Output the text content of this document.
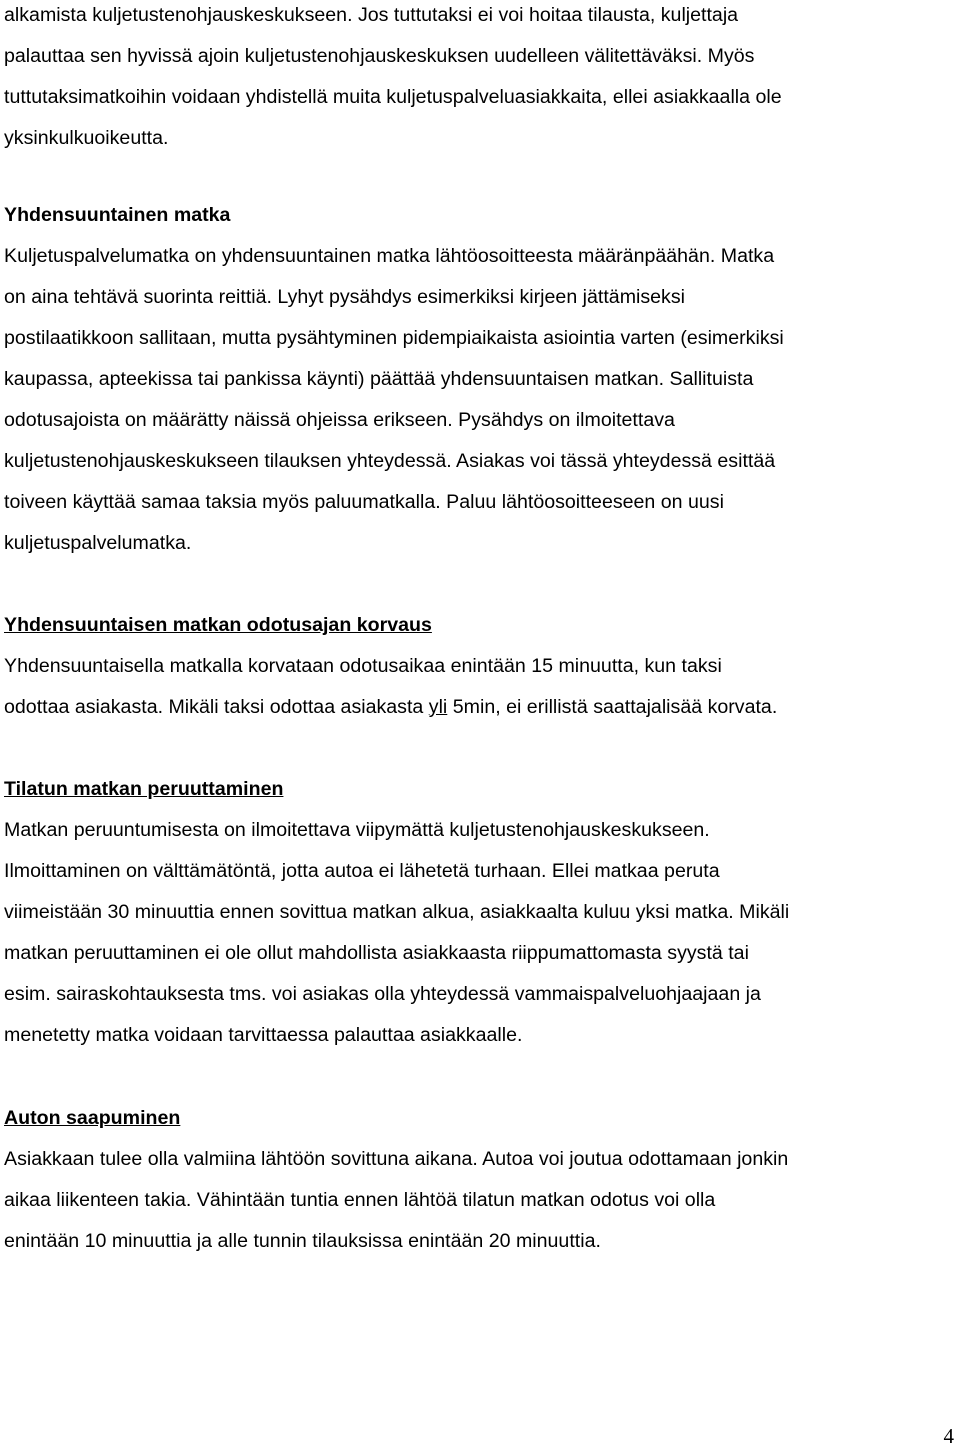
alkamista kuljetustenohjauskeskukseen. Jos tuttutaksi ei voi hoitaa tilausta, kuljettaja
palauttaa sen hyvissä ajoin kuljetustenohjauskeskuksen uudelleen välitettäväksi. Myös
tuttutaksimatkoihin voidaan yhdistellä muita kuljetuspalveluasiakkaita, ellei asiakkaalla ole
yksinkulkuoikeutta.
Yhdensuuntainen matka
Kuljetuspalvelumatka on yhdensuuntainen matka lähtöosoitteesta määränpäähän. Matka
on aina tehtävä suorinta reittiä. Lyhyt pysähdys esimerkiksi kirjeen jättämiseksi
postilaatikkoon sallitaan, mutta pysähtyminen pidempiaikaista asiointia varten (esimerkiksi
kaupassa, apteekissa tai pankissa käynti) päättää yhdensuuntaisen matkan. Sallituista
odotusajoista on määrätty näissä ohjeissa erikseen. Pysähdys on ilmoitettava
kuljetustenohjauskeskukseen tilauksen yhteydessä. Asiakas voi tässä yhteydessä esittää
toiveen käyttää samaa taksia myös paluumatkalla. Paluu lähtöosoitteeseen on uusi
kuljetuspalvelumatka.
Yhdensuuntaisen matkan odotusajan korvaus
Yhdensuuntaisella matkalla korvataan odotusaikaa enintään 15 minuutta, kun taksi
odottaa asiakasta. Mikäli taksi odottaa asiakasta yli 5min, ei erillistä saattajalisää korvata.
Tilatun matkan peruuttaminen
Matkan peruuntumisesta on ilmoitettava viipymättä kuljetustenohjauskeskukseen.
Ilmoittaminen on välttämätöntä, jotta autoa ei lähetetä turhaan. Ellei matkaa peruta
viimeistään 30 minuuttia ennen sovittua matkan alkua, asiakkaalta kuluu yksi matka. Mikäli
matkan peruuttaminen ei ole ollut mahdollista asiakkaasta riippumattomasta syystä tai
esim. sairaskohtauksesta tms. voi asiakas olla yhteydessä vammaispalveluohjaajaan ja
menetetty matka voidaan tarvittaessa palauttaa asiakkaalle.
Auton saapuminen
Asiakkaan tulee olla valmiina lähtöön sovittuna aikana. Autoa voi joutua odottamaan jonkin
aikaa liikenteen takia. Vähintään tuntia ennen lähtöä tilatun matkan odotus voi olla
enintään 10 minuuttia ja alle tunnin tilauksissa enintään 20 minuuttia.
4
